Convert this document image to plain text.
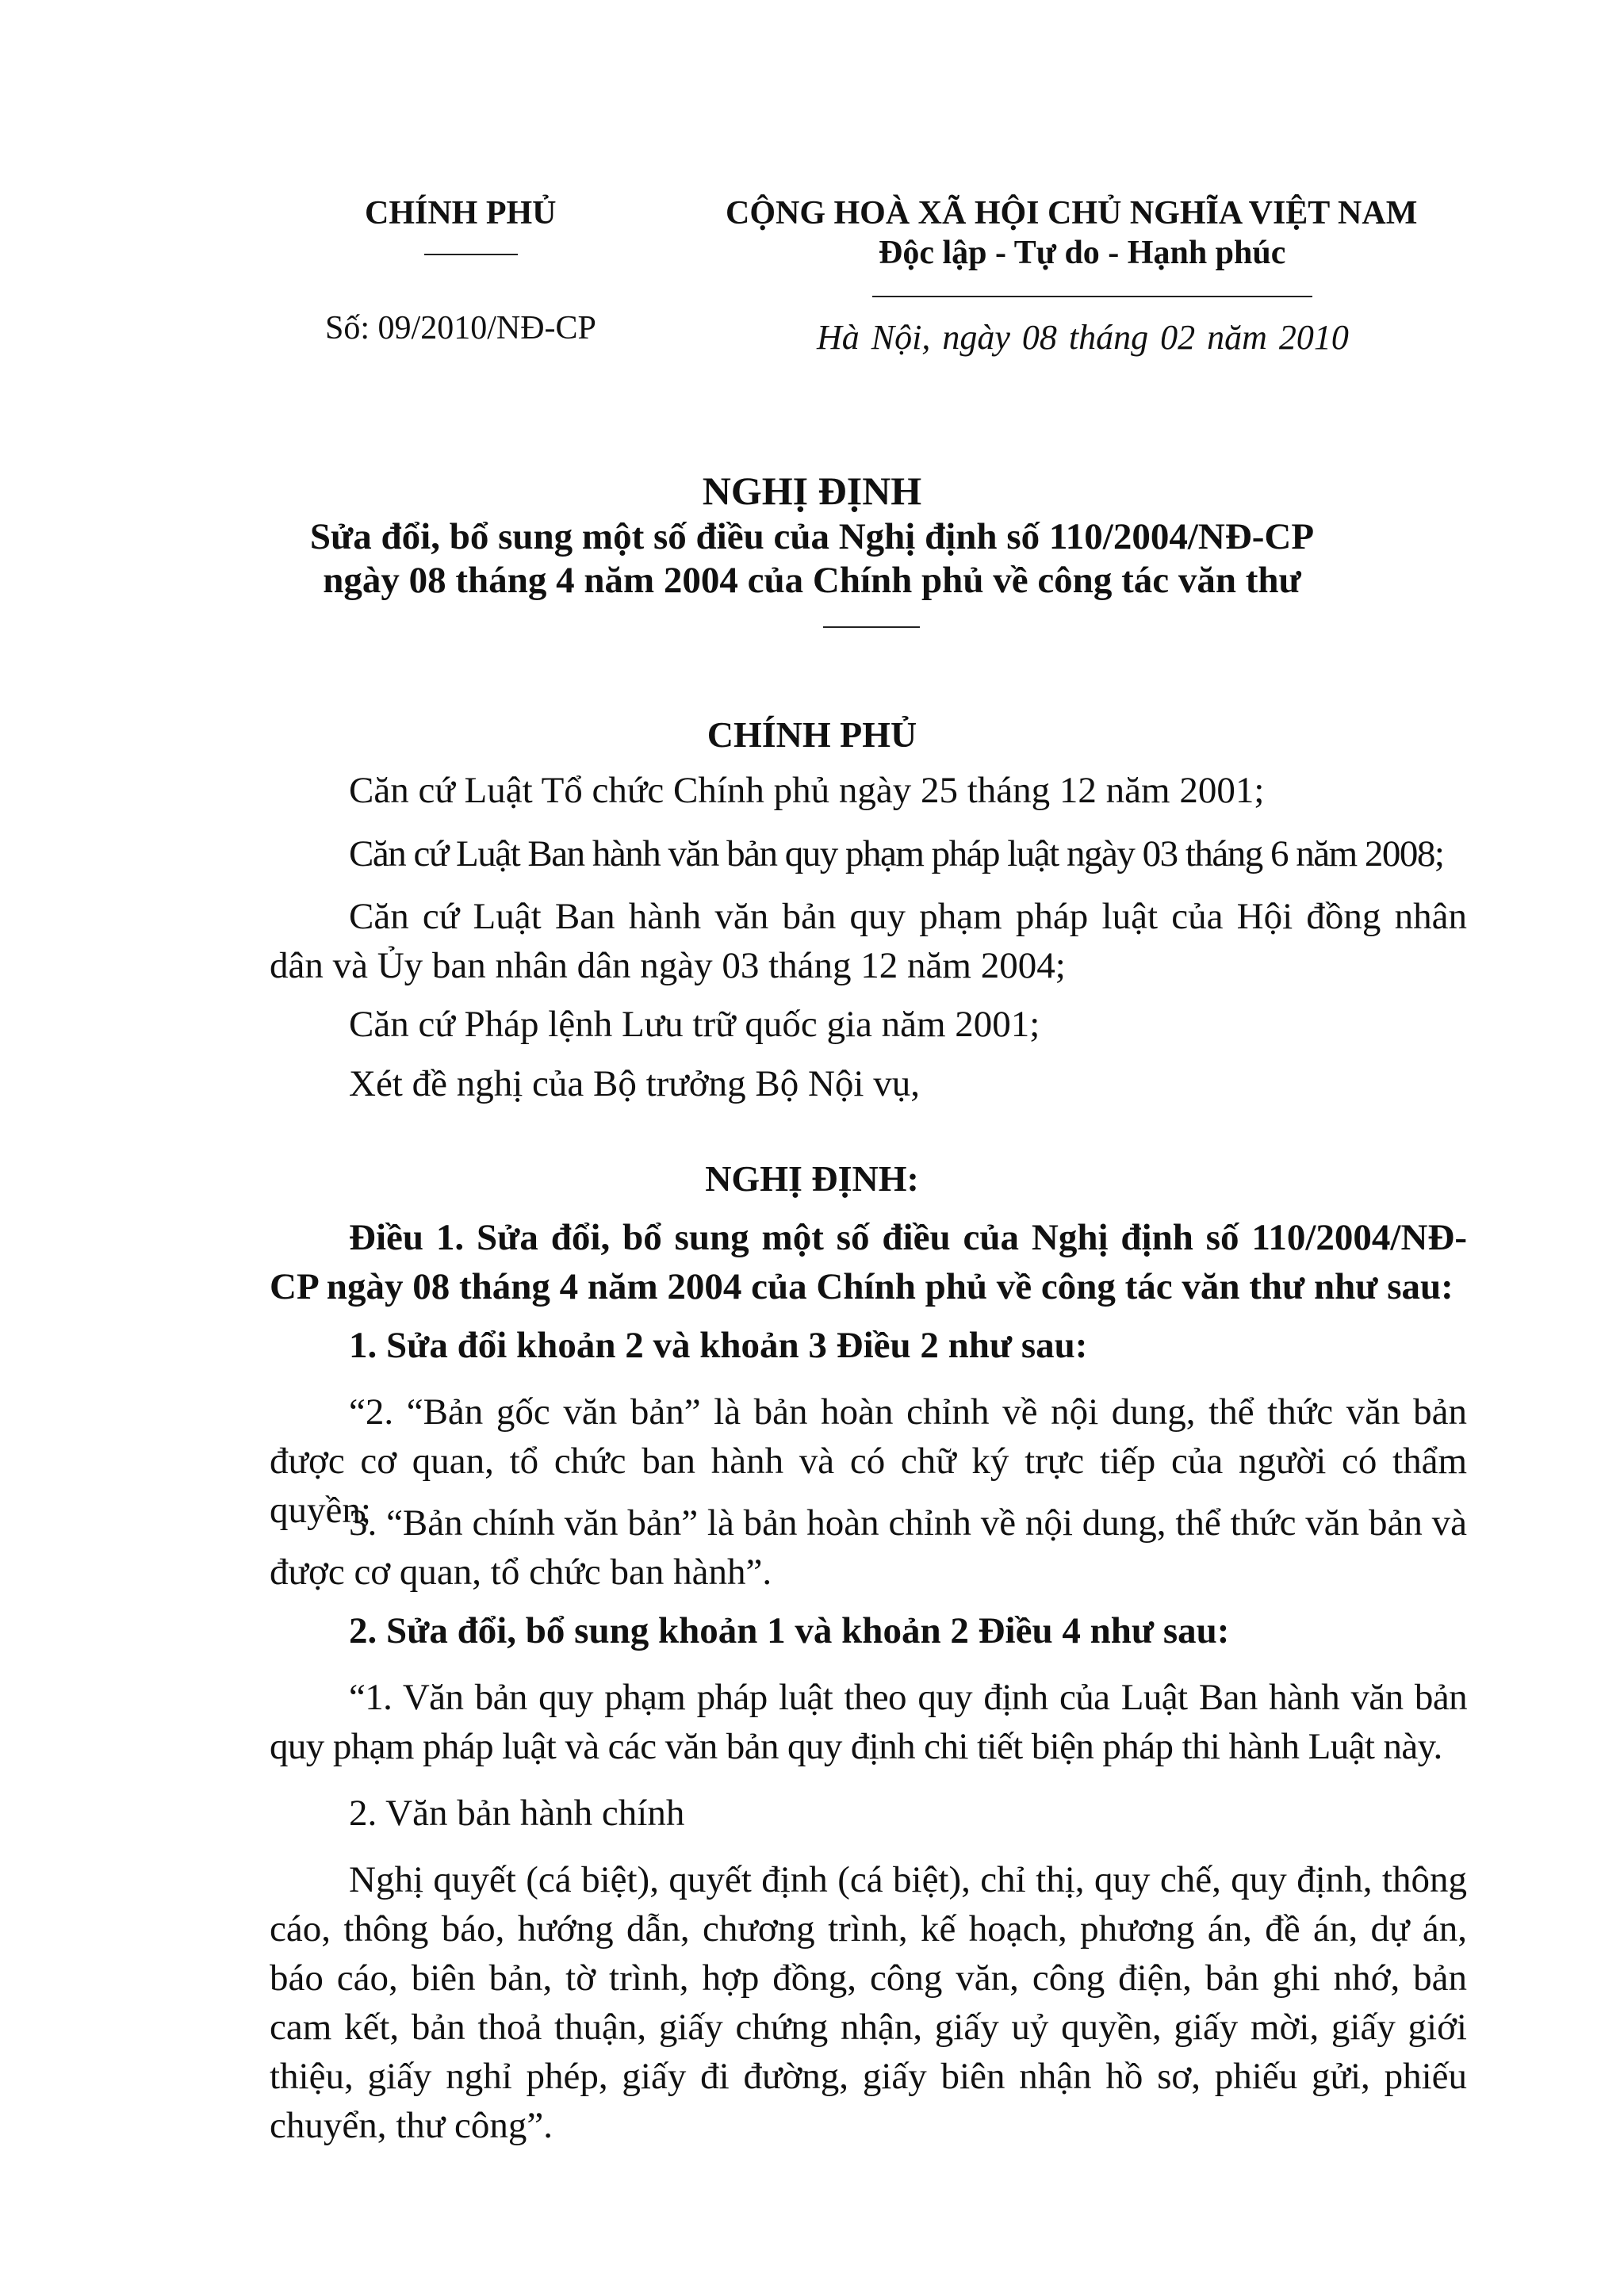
CHÍNH PHỦ
Số: 09/2010/NĐ-CP
CỘNG HOÀ XÃ HỘI CHỦ NGHĨA VIỆT NAM
Độc lập - Tự do - Hạnh phúc
Hà Nội, ngày 08 tháng 02 năm 2010
NGHỊ ĐỊNH
Sửa đổi, bổ sung một số điều của Nghị định số 110/2004/NĐ-CP
ngày 08 tháng 4 năm 2004 của Chính phủ về công tác văn thư
CHÍNH PHỦ
Căn cứ Luật Tổ chức Chính phủ ngày 25 tháng 12 năm 2001;
Căn cứ Luật Ban hành văn bản quy phạm pháp luật ngày 03 tháng 6 năm 2008;
Căn cứ Luật Ban hành văn bản quy phạm pháp luật của Hội đồng nhân dân và Ủy ban nhân dân ngày 03 tháng 12 năm 2004;
Căn cứ Pháp lệnh Lưu trữ quốc gia năm 2001;
Xét đề nghị của Bộ trưởng Bộ Nội vụ,
NGHỊ ĐỊNH:
Điều 1. Sửa đổi, bổ sung một số điều của Nghị định số 110/2004/NĐ-CP ngày 08 tháng 4 năm 2004 của Chính phủ về công tác văn thư như sau:
1. Sửa đổi khoản 2 và khoản 3 Điều 2 như sau:
“2. “Bản gốc văn bản” là bản hoàn chỉnh về nội dung, thể thức văn bản được cơ quan, tổ chức ban hành và có chữ ký trực tiếp của người có thẩm quyền;
3. “Bản chính văn bản” là bản hoàn chỉnh về nội dung, thể thức văn bản và được cơ quan, tổ chức ban hành”.
2. Sửa đổi, bổ sung khoản 1 và khoản 2 Điều 4 như sau:
“1. Văn bản quy phạm pháp luật theo quy định của Luật Ban hành văn bản quy phạm pháp luật và các văn bản quy định chi tiết biện pháp thi hành Luật này.
2. Văn bản hành chính
Nghị quyết (cá biệt), quyết định (cá biệt), chỉ thị, quy chế, quy định, thông cáo, thông báo, hướng dẫn, chương trình, kế hoạch, phương án, đề án, dự án, báo cáo, biên bản, tờ trình, hợp đồng, công văn, công điện, bản ghi nhớ, bản cam kết, bản thoả thuận, giấy chứng nhận, giấy uỷ quyền, giấy mời, giấy giới thiệu, giấy nghỉ phép, giấy đi đường, giấy biên nhận hồ sơ, phiếu gửi, phiếu chuyển, thư công”.
